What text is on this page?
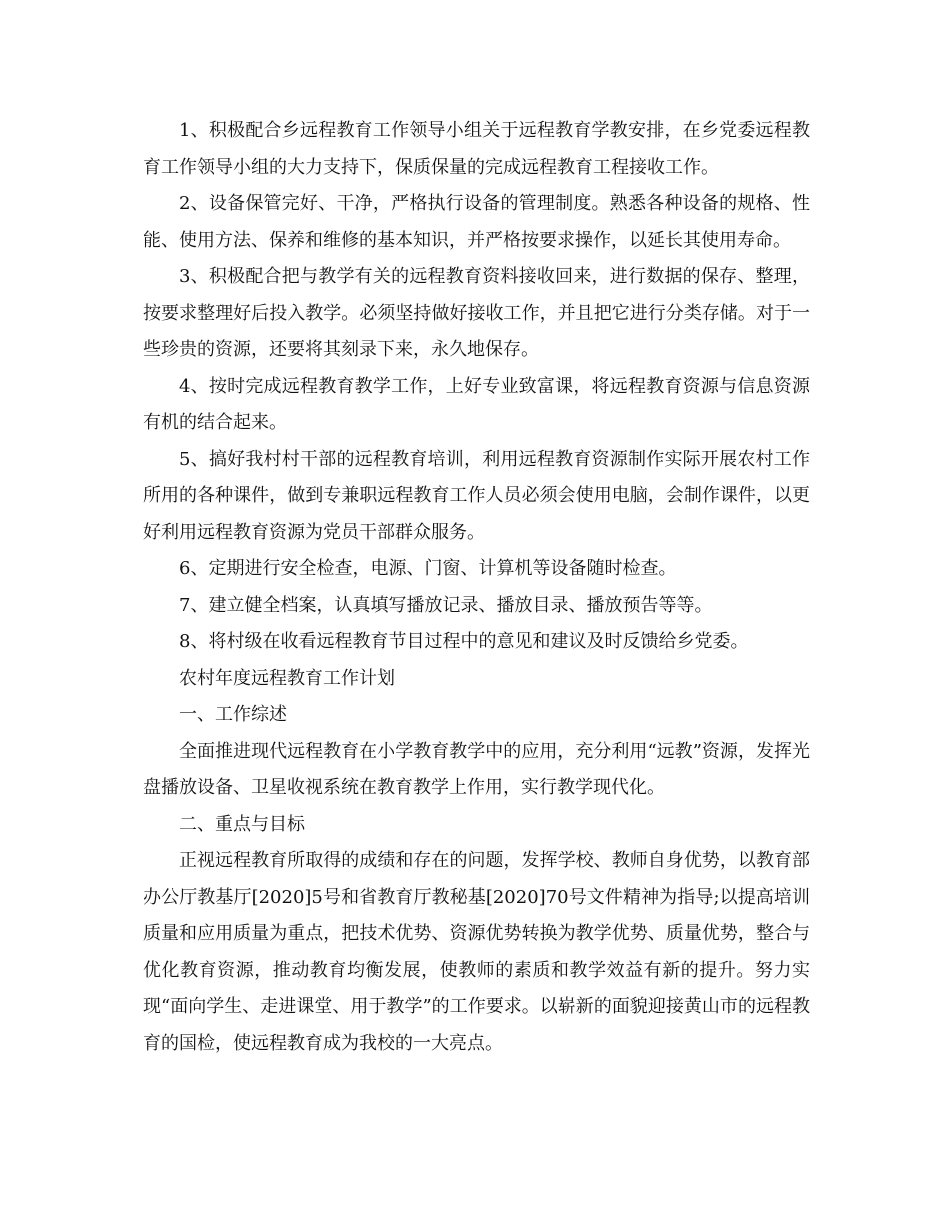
1、积极配合乡远程教育工作领导小组关于远程教育学教安排，在乡党委远程教育工作领导小组的大力支持下，保质保量的完成远程教育工程接收工作。

2、设备保管完好、干净，严格执行设备的管理制度。熟悉各种设备的规格、性能、使用方法、保养和维修的基本知识，并严格按要求操作，以延长其使用寿命。

3、积极配合把与教学有关的远程教育资料接收回来，进行数据的保存、整理，按要求整理好后投入教学。必须坚持做好接收工作，并且把它进行分类存储。对于一些珍贵的资源，还要将其刻录下来，永久地保存。

4、按时完成远程教育教学工作，上好专业致富课，将远程教育资源与信息资源有机的结合起来。

5、搞好我村村干部的远程教育培训，利用远程教育资源制作实际开展农村工作所用的各种课件，做到专兼职远程教育工作人员必须会使用电脑，会制作课件，以更好利用远程教育资源为党员干部群众服务。

6、定期进行安全检查，电源、门窗、计算机等设备随时检查。

7、建立健全档案，认真填写播放记录、播放目录、播放预告等等。

8、将村级在收看远程教育节目过程中的意见和建议及时反馈给乡党委。

农村年度远程教育工作计划

一、工作综述

全面推进现代远程教育在小学教育教学中的应用，充分利用“远教”资源，发挥光盘播放设备、卫星收视系统在教育教学上作用，实行教学现代化。

二、重点与目标

正视远程教育所取得的成绩和存在的问题，发挥学校、教师自身优势，以教育部办公厅教基厅[2020]5号和省教育厅教秘基[2020]70号文件精神为指导;以提高培训质量和应用质量为重点，把技术优势、资源优势转换为教学优势、质量优势，整合与优化教育资源，推动教育均衡发展，使教师的素质和教学效益有新的提升。努力实现“面向学生、走进课堂、用于教学”的工作要求。以崭新的面貌迎接黄山市的远程教育的国检，使远程教育成为我校的一大亮点。
